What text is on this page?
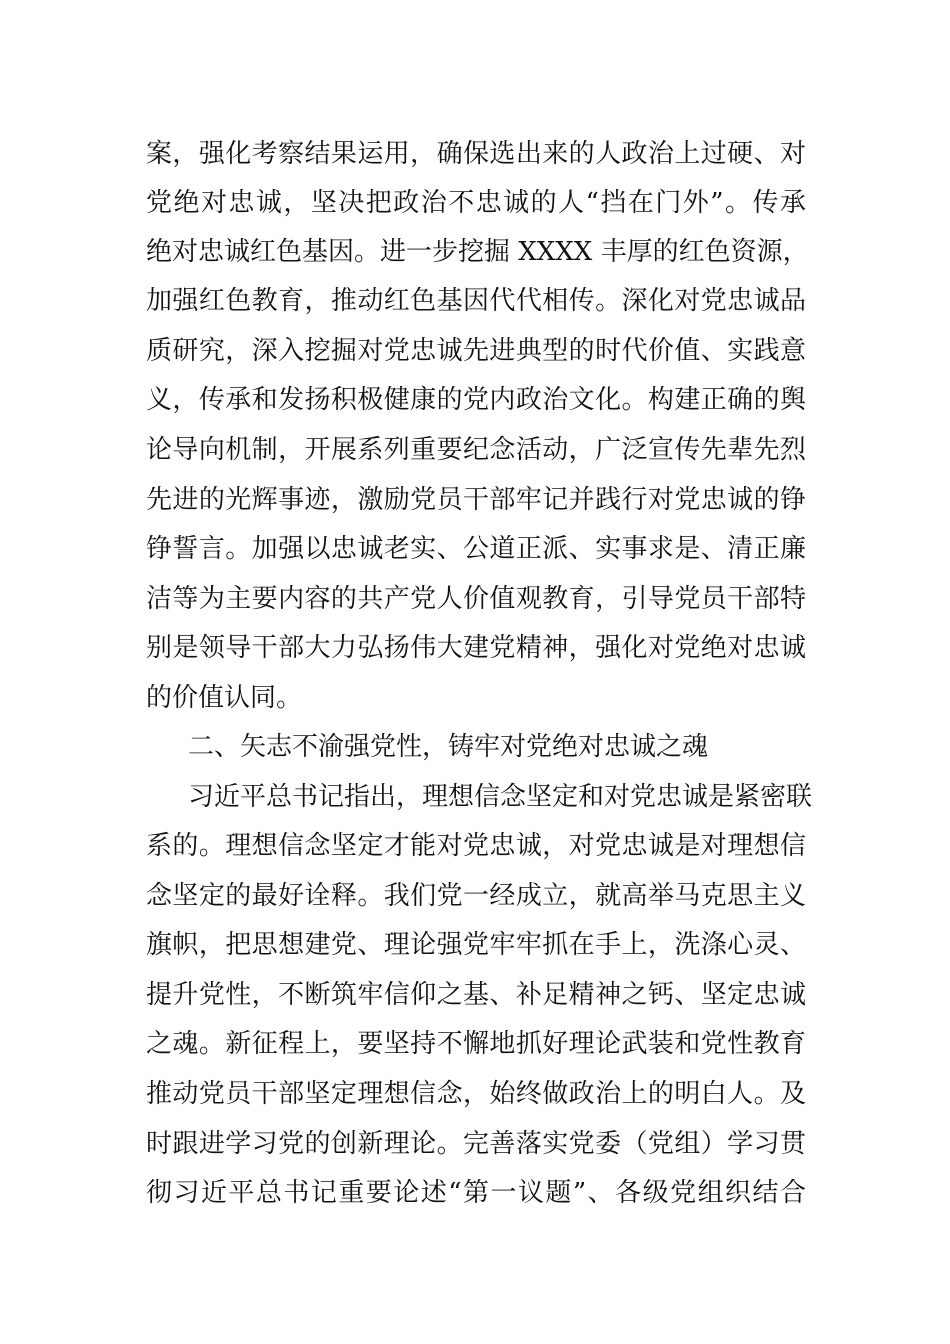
案，强化考察结果运用，确保选出来的人政治上过硬、对
党绝对忠诚，坚决把政治不忠诚的人“挡在门外”。传承
绝对忠诚红色基因。进一步挖掘 XXXX 丰厚的红色资源，
加强红色教育，推动红色基因代代相传。深化对党忠诚品
质研究，深入挖掘对党忠诚先进典型的时代价值、实践意
义，传承和发扬积极健康的党内政治文化。构建正确的舆
论导向机制，开展系列重要纪念活动，广泛宣传先辈先烈
先进的光辉事迹，激励党员干部牢记并践行对党忠诚的铮
铮誓言。加强以忠诚老实、公道正派、实事求是、清正廉
洁等为主要内容的共产党人价值观教育，引导党员干部特
别是领导干部大力弘扬伟大建党精神，强化对党绝对忠诚
的价值认同。
二、矢志不渝强党性，铸牢对党绝对忠诚之魂
习近平总书记指出，理想信念坚定和对党忠诚是紧密联
系的。理想信念坚定才能对党忠诚，对党忠诚是对理想信
念坚定的最好诠释。我们党一经成立，就高举马克思主义
旗帜，把思想建党、理论强党牢牢抓在手上，洗涤心灵、
提升党性，不断筑牢信仰之基、补足精神之钙、坚定忠诚
之魂。新征程上，要坚持不懈地抓好理论武装和党性教育
推动党员干部坚定理想信念，始终做政治上的明白人。及
时跟进学习党的创新理论。完善落实党委（党组）学习贯
彻习近平总书记重要论述“第一议题”、各级党组织结合
